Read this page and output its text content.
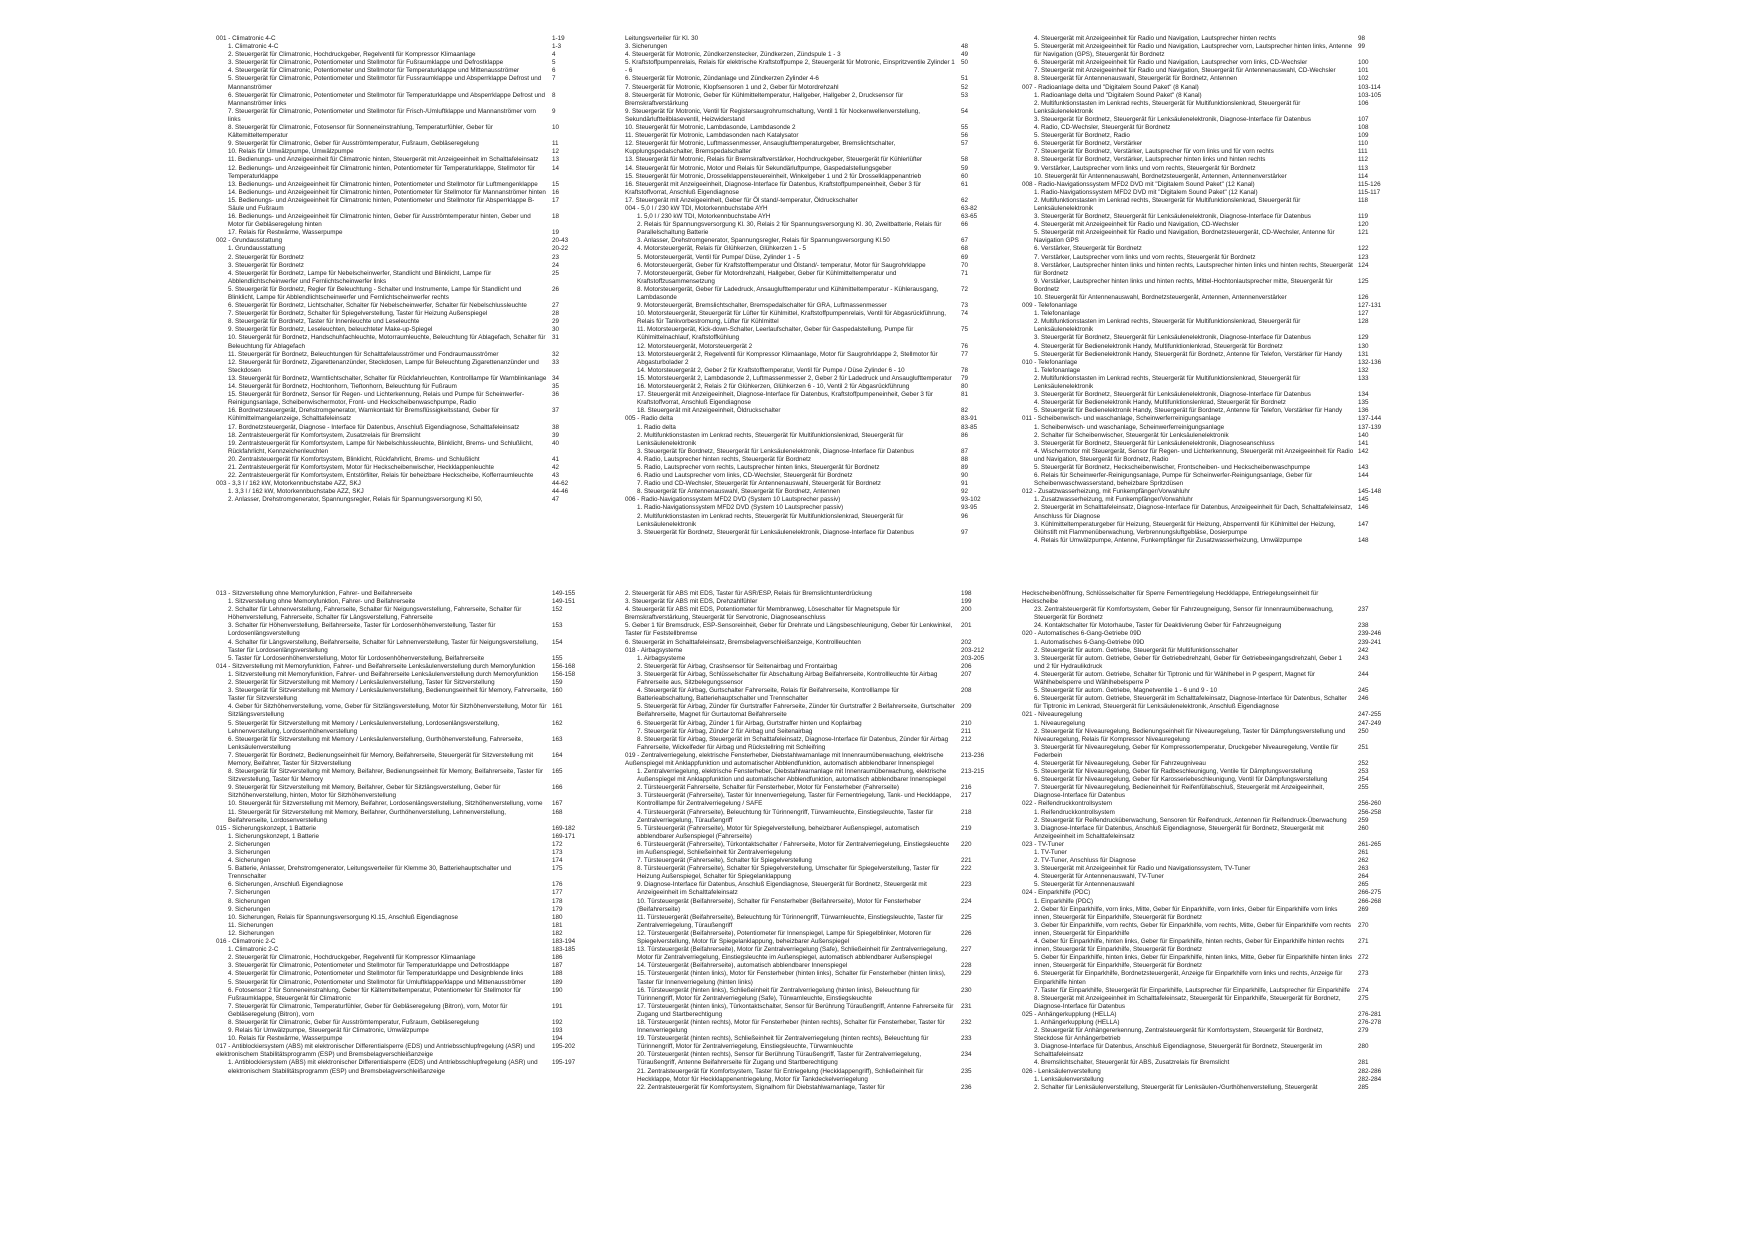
001 - Climatronic 4-C	1-19
1. Climatronic 4-C	1-3
2. Steuergerät für Climatronic, Hochdruckgeber, Regelventil für Kompressor Klimaanlage	4
3. Steuergerät für Climatronic, Potentiometer und Stellmotor für Fußraumklappe und Defrostklappe	5
4. Steuergerät für Climatronic, Potentiometer und Stellmotor für Temperaturklappe und Mittenausströmer	6
5. Steuergerät für Climatronic, Potentiometer und Stellmotor für Fussraumklappe und Absperrklappe Defrost und Mannanströmer
7
6. Steuergerät für Climatronic, Potentiometer und Stellmotor für Temperaturklappe und Absperrklappe Defrost und Mannanströmer links
8
7. Steuergerät für Climatronic, Potentiometer und Stellmotor für Frisch-/Umluftklappe und Mannanströmer vorn links
9
8. Steuergerät für Climatronic, Fotosensor für Sonneneinstrahlung, Temperaturfühler, Geber für Kältemitteltemperatur
10
9. Steuergerät für Climatronic, Geber für Ausströmtemperatur, Fußraum, Gebläseregelung	11
10. Relais für Umwälzpumpe, Umwälzpumpe	12
11. Bedienungs- und Anzeigeeinheit für Climatronic hinten, Steuergerät mit Anzeigeeinheit im Schalttafeleinsatz	13
12. Bedienungs- und Anzeigeeinheit für Climatronic hinten, Potentiometer für Temperaturklappe, Stellmotor für Temperaturklappe
14
13. Bedienungs- und Anzeigeeinheit für Climatronic hinten, Potentiometer und Stellmotor für Luftmengenklappe	15
14. Bedienungs- und Anzeigeeinheit für Climatronic hinten, Potentiometer für Stellmotor für Mannanströmer hinten 16
15. Bedienungs- und Anzeigeeinheit für Climatronic hinten, Potentiometer und Stellmotor für Absperrklappe B-Säule und Fußraum
17
16. Bedienungs- und Anzeigeeinheit für Climatronic hinten, Geber für Ausströmtemperatur hinten, Geber und Motor für Gebläseregelung hinten
18
17. Relais für Restwärme, Wasserpumpe	19
002 - Grundausstattung	20-43
1. Grundausstattung	20-22
2. Steuergerät für Bordnetz	23
3. Steuergerät für Bordnetz	24
4. Steuergerät für Bordnetz, Lampe für Nebelscheinwerfer, Standlicht und Blinklicht, Lampe für Abblendlichtscheinwerfer und Fernlichtscheinwerfer links
25
5. Steuergerät für Bordnetz, Regler für Beleuchtung - Schalter und Instrumente, Lampe für Standlicht und Blinklicht, Lampe für Abblendlichtscheinwerfer und Fernlichtscheinwerfer rechts
26
6. Steuergerät für Bordnetz, Lichtschalter, Schalter für Nebelscheinwerfer, Schalter für Nebelschlussleuchte	27
7. Steuergerät für Bordnetz, Schalter für Spiegelverstellung, Taster für Heizung Außenspiegel	28
8. Steuergerät für Bordnetz, Taster für Innenleuchte und Leseleuchte	29
9. Steuergerät für Bordnetz, Leseleuchten, beleuchteter Make-up-Spiegel	30
10. Steuergerät für Bordnetz, Handschuhfachleuchte, Motorraumleuchte, Beleuchtung für Ablagefach, Schalter für Beleuchtung für Ablagefach
31
11. Steuergerät für Bordnetz, Beleuchtungen für Schalttafelausströmer und Fondraumausströmer	32
12. Steuergerät für Bordnetz, Zigarettenanzünder, Steckdosen, Lampe für Beleuchtung Zigarettenanzünder und Steckdosen
33
13. Steuergerät für Bordnetz, Warntlichtschalter, Schalter für Rückfahrleuchten, Kontrolllampe für Warnblinkanlage 34
14. Steuergerät für Bordnetz, Hochtonhorn, Tieftonhorn, Beleuchtung für Fußraum	35
15. Steuergerät für Bordnetz, Sensor für Regen- und Lichterkennung, Relais und Pumpe für Scheinwerfer-Reinigungsanlage, Scheibenwischermotor, Front- und Heckscheibenwaschpumpe, Radio
36
16. Bordnetzsteuergerät, Drehstromgenerator, Warnkontakt für Bremsflüssigkeitsstand, Geber für Kühlmittelmangelanzeige, Schalttafeleinsatz
37
17. Bordnetzsteuergerät, Diagnose - Interface für Datenbus, Anschluß Eigendiagnose, Schalttafeleinsatz	38
18. Zentralsteuergerät für Komfortsystem, Zusatzrelais für Bremslicht	39
19. Zentralsteuergerät für Komfortsystem, Lampe für Nebelschlussleuchte, Blinklicht, Brems- und Schlußlicht, Rückfahrlicht, Kennzeichenleuchten
40
20. Zentralsteuergerät für Komfortsystem, Blinklicht, Rückfahrlicht, Brems- und Schlußlicht	41
21. Zentralsteuergerät für Komfortsystem, Motor für Heckscheibenwischer, Heckklappenleuchte	42
22. Zentralsteuergerät für Komfortsystem, Entstörfilter, Relais für beheizbare Heckscheibe, Kofferraumleuchte	43
003 - 3,3 l / 162 kW, Motorkennbuchstabe AZZ, SKJ	44-62
1. 3,3 l / 162 kW, Motorkennbuchstabe AZZ, SKJ	44-46
2. Anlasser, Drehstromgenerator, Spannungsregler, Relais für Spannungsversorgung Kl 50,	47
Leitungsverteiler für Kl. 30
3. Sicherungen	48
4. Steuergerät für Motronic, Zündkerzenstecker, Zündkerzen, Zündspule 1 - 3	49
5. Kraftstoffpumpenrelais, Relais für elektrische Kraftstoffpumpe 2, Steuergerät für Motronic, Einspritzventile Zylinder 1 - 6
50
6. Steuergerät für Motronic, Zündanlage und Zündkerzen Zylinder 4-6	51
7. Steuergerät für Motronic, Klopfsensoren 1 und 2, Geber für Motordrehzahl	52
8. Steuergerät für Motronic, Geber für Kühlmitteltemperatur, Hallgeber, Hallgeber 2, Drucksensor für Bremskraftverstärkung
53
9. Steuergerät für Motronic, Ventil für Registersaugrohrumschaltung, Ventil 1 für Nockenwellenverstellung, Sekundärluftteilblaseventil, Heizwiderstand
54
10. Steuergerät für Motronic, Lambdasonde, Lambdasonde 2	55
11. Steuergerät für Motronic, Lambdasonden nach Katalysator	56
12. Steuergerät für Motronic, Luftmassenmesser, Ansauglufttemperaturgeber, Bremslichtschalter, Kupplungspedalschalter, Bremspedalschalter
57
13. Steuergerät für Motronic, Relais für Bremskraftverstärker, Hochdruckgeber, Steuergerät für Kühlerlüfter	58
14. Steuergerät für Motronic, Motor und Relais für Sekundärluftpumpe, Gaspedalstellungsgeber	59
15. Steuergerät für Motronic, Drosselklappensteuereinheit, Winkelgeber 1 und 2 für Drosselklappenantrieb	60
16. Steuergerät mit Anzeigeeinheit, Diagnose-Interface für Datenbus, Kraftstoffpumpeneinheit, Geber 3 für Kraftstoffvorrat, Anschluß Eigendiagnose
61
17. Steuergerät mit Anzeigeeinheit, Geber für Öl stand/-temperatur, Öldruckschalter	62
004 - 5,0 l / 230 kW TDI, Motorkennbuchstabe AYH	63-82
1. 5,0 l / 230 kW TDI, Motorkennbuchstabe AYH	63-65
2. Relais für Spannungsversorgung Kl. 30, Relais 2 für Spannungsversorgung Kl. 30, Zweitbatterie, Relais für Parallelschaltung Batterie
66
3. Anlasser, Drehstromgenerator, Spannungsregler, Relais für Spannungsversorgung Kl.50	67
4. Motorsteuergerät, Relais für Glühkerzen, Glühkerzen 1 - 5	68
5. Motorsteuergerät, Ventil für Pumpe/ Düse, Zylinder 1 - 5	69
6. Motorsteuergerät, Geber für Kraftstofftemperatur und Ölstand/- temperatur, Motor für Saugrohrklappe	70
7. Motorsteuergerät, Geber für Motordrehzahl, Hallgeber, Geber für Kühlmitteltemperatur und Kraftstoffzusammensetzung
71
8. Motorsteuergerät, Geber für Ladedruck, Ansauglufttemperatur und Kühlmitteltemperatur - Kühlerausgang, Lambdasonde
72
9. Motorsteuergerät, Bremslichtschalter, Bremspedalschalter für GRA, Luftmassenmesser	73
10. Motorsteuergerät, Steuergerät für Lüfter für Kühlmittel, Kraftstoffpumpenrelais, Ventil für Abgasrückführung, Relais für Tankvorbestromung, Lüfter für Kühlmittel
74
11. Motorsteuergerät, Kick-down-Schalter, Leerlaufschalter, Geber für Gaspedalstellung, Pumpe für Kühlmittelnachlauf, Kraftstoffkühlung
75
12. Motorsteuergerät, Motorsteuergerät 2	76
13. Motorsteuergerät 2, Regelventil für Kompressor Klimaanlage, Motor für Saugrohrklappe 2, Stellmotor für Abgasturbolader 2
77
14. Motorsteuergerät 2, Geber 2 für Kraftstofftemperatur, Ventil für Pumpe / Düse Zylinder 6 - 10	78
15. Motorsteuergerät 2, Lambdasonde 2, Luftmassenmesser 2, Geber 2 für Ladedruck und Ansauglufttemperatur	79
16. Motorsteuergerät 2, Relais 2 für Glühkerzen, Glühkerzen 6 - 10, Ventil 2 für Abgasrückführung	80
17. Steuergerät mit Anzeigeeinheit, Diagnose-Interface für Datenbus, Kraftstoffpumpeneinheit, Geber 3 für Kraftstoffvorrat, Anschluß Eigendiagnose
81
18. Steuergerät mit Anzeigeeinheit, Öldruckschalter	82
005 - Radio delta	83-91
1. Radio delta	83-85
2. Multifunktionstasten im Lenkrad rechts, Steuergerät für Multifunktionslenkrad, Steuergerät für Lenksäulenelektronik
86
3. Steuergerät für Bordnetz, Steuergerät für Lenksäulenelektronik, Diagnose-Interface für Datenbus	87
4. Radio, Lautsprecher hinten rechts, Steuergerät für Bordnetz	88
5. Radio, Lautsprecher vorn rechts, Lautsprecher hinten links, Steuergerät für Bordnetz	89
6. Radio und Lautsprecher vorn links, CD-Wechsler, Steuergerät für Bordnetz	90
7. Radio und CD-Wechsler, Steuergerät für Antennenauswahl, Steuergerät für Bordnetz	91
8. Steuergerät für Antennenauswahl, Steuergerät für Bordnetz, Antennen	92
006 - Radio-Navigationssystem MFD2 DVD (System 10 Lautsprecher passiv)	93-102
1. Radio-Navigationssystem MFD2 DVD (System 10 Lautsprecher passiv)	93-95
2. Multifunktionstasten im Lenkrad rechts, Steuergerät für Multifunktionslenkrad, Steuergerät für Lenksäulenelektronik
96
3. Steuergerät für Bordnetz, Steuergerät für Lenksäulenelektronik, Diagnose-Interface für Datenbus	97
4. Steuergerät mit Anzeigeeinheit für Radio und Navigation, Lautsprecher hinten rechts	98
5. Steuergerät mit Anzeigeeinheit für Radio und Navigation, Lautsprecher vorn, Lautsprecher hinten links, Antenne für Navigation (GPS), Steuergerät für Bordnetz
99
6. Steuergerät mit Anzeigeeinheit für Radio und Navigation, Lautsprecher vorn links, CD-Wechsler	100
7. Steuergerät mit Anzeigeeinheit für Radio und Navigation, Steuergerät für Antennenauswahl, CD-Wechsler	101
8. Steuergerät für Antennenauswahl, Steuergerät für Bordnetz, Antennen	102
007 - Radioanlage delta und "Digitalem Sound Paket" (8 Kanal)	103-114
1. Radioanlage delta und "Digitalem Sound Paket" (8 Kanal)	103-105
2. Multifunktionstasten im Lenkrad rechts, Steuergerät für Multifunktionslenkrad, Steuergerät für Lenksäulenelektronik
106
3. Steuergerät für Bordnetz, Steuergerät für Lenksäulenelektronik, Diagnose-Interface für Datenbus	107
4. Radio, CD-Wechsler, Steuergerät für Bordnetz	108
5. Steuergerät für Bordnetz, Radio	109
6. Steuergerät für Bordnetz, Verstärker	110
7. Steuergerät für Bordnetz, Verstärker, Lautsprecher für vorn links und für vorn rechts	111
8. Steuergerät für Bordnetz, Verstärker, Lautsprecher hinten links und hinten rechts	112
9. Verstärker, Lautsprecher vorn links und vorn rechts, Steuergerät für Bordnetz	113
10. Steuergerät für Antennenauswahl, Bordnetzsteuergerät, Antennen, Antennenverstärker	114
008 - Radio-Navigationssystem MFD2 DVD mit "Digitalem Sound Paket" (12 Kanal)	115-126
1. Radio-Navigationssystem MFD2 DVD mit "Digitalem Sound Paket" (12 Kanal)	115-117
2. Multifunktionstasten im Lenkrad rechts, Steuergerät für Multifunktionslenkrad, Steuergerät für Lenksäulenelektronik
118
3. Steuergerät für Bordnetz, Steuergerät für Lenksäulenelektronik, Diagnose-Interface für Datenbus	119
4. Steuergerät mit Anzeigeeinheit für Radio und Navigation, CD-Wechsler	120
5. Steuergerät mit Anzeigeeinheit für Radio und Navigation, Bordnetzsteuergerät, CD-Wechsler, Antenne für Navigation GPS
121
6. Verstärker, Steuergerät für Bordnetz	122
7. Verstärker, Lautsprecher vorn links und vorn rechts, Steuergerät für Bordnetz	123
8. Verstärker, Lautsprecher hinten links und hinten rechts, Lautsprecher hinten links und hinten rechts, Steuergerät für Bordnetz
124
9. Verstärker, Lautsprecher hinten links und hinten rechts, Mittel-Hochtonlautsprecher mitte, Steuergerät für Bordnetz
125
10. Steuergerät für Antennenauswahl, Bordnetzsteuergerät, Antennen, Antennenverstärker	126
009 - Telefonanlage	127-131
1. Telefonanlage	127
2. Multifunktionstasten im Lenkrad rechts, Steuergerät für Multifunktionslenkrad, Steuergerät für Lenksäulenelektronik
128
3. Steuergerät für Bordnetz, Steuergerät für Lenksäulenelektronik, Diagnose-Interface für Datenbus	129
4. Steuergerät für Bedienelektronik Handy, Multifunktionlenkrad, Steuergerät für Bordnetz	130
5. Steuergerät für Bedienelektronik Handy, Steuergerät für Bordnetz, Antenne für Telefon, Verstärker für Handy	131
010 - Telefonanlage	132-136
1. Telefonanlage	132
2. Multifunktionstasten im Lenkrad rechts, Steuergerät für Multifunktionslenkrad, Steuergerät für Lenksäulenelektronik
133
3. Steuergerät für Bordnetz, Steuergerät für Lenksäulenelektronik, Diagnose-Interface für Datenbus	134
4. Steuergerät für Bedienelektronik Handy, Multifunktionslenkrad, Steuergerät für Bordnetz	135
5. Steuergerät für Bedienelektronik Handy, Steuergerät für Bordnetz, Antenne für Telefon, Verstärker für Handy	136
011 - Scheibenwisch- und waschanlage, Scheinwerferreinigungsanlage	137-144
1. Scheibenwisch- und waschanlage, Scheinwerferreinigungsanlage	137-139
2. Schalter für Scheibenwischer, Steuergerät für Lenksäulenelektronik	140
3. Steuergerät für Bordnetz, Steuergerät für Lenksäulenelektronik, Diagnoseanschluss	141
4. Wischermotor mit Steuergerät, Sensor für Regen- und Lichterkennung, Steuergerät mit Anzeigeeinheit für Radio und Navigation, Steuergerät für Bordnetz, Radio
142
5. Steuergerät für Bordnetz, Heckscheibenwischer, Frontscheiben- und Heckscheibenwaschpumpe	143
6. Relais für Scheinwerfer-Reinigungsanlage, Pumpe für Scheinwerfer-Reinigungsanlage, Geber für Scheibenwaschwasserstand, beheizbare Spritzdüsen
144
012 - Zusatzwasserheizung, mit Funkempfänger/Vorwahluhr	145-148
1. Zusatzwasserheizung, mit Funkempfänger/Vorwahluhr	145
2. Steuergerät im Schalttafeleinsatz, Diagnose-Interface für Datenbus, Anzeigeeinheit für Dach, Schalttafeleinsatz, Anschluss für Diagnose
146
3. Kühlmitteltemperaturgeber für Heizung, Steuergerät für Heizung, Absperrventil für Kühlmittel der Heizung, Glühstift mit Flammenüberwachung, Verbrennungsluftgebläse, Dosierpumpe
147
4. Relais für Umwälzpumpe, Antenne, Funkempfänger für Zusatzwasserheizung, Umwälzpumpe	148
013 - Sitzverstellung ohne Memoryfunktion, Fahrer- und Beifahrerseite	149-155
1. Sitzverstellung ohne Memoryfunktion, Fahrer- und Beifahrerseite	149-151
2. Schalter für Lehnenverstellung, Fahrerseite, Schalter für Neigungsverstellung, Fahrerseite, Schalter für Höhenverstellung, Fahrerseite, Schalter für Längsverstellung, Fahrerseite
152
3. Schalter für Höhenverstellung, Beifahrerseite, Taster für Lordosenhöhenverstellung, Taster für Lordosenlängsverstellung
153
4. Schalter für Längsverstellung, Beifahrerseite, Schalter für Lehnenverstellung, Taster für Neigungsverstellung, Taster für Lordosenlängsverstellung
154
5. Taster für Lordosenhöhenverstellung, Motor für Lordosenhöhenverstellung, Beifahrerseite	155
014 - Sitzverstellung mit Memoryfunktion, Fahrer- und Beifahrerseite Lenksäulenverstellung durch Memoryfunktion	156-168
1. Sitzverstellung mit Memoryfunktion, Fahrer- und Beifahrerseite Lenksäulenverstellung durch Memoryfunktion	156-158
2. Steuergerät für Sitzverstellung mit Memory / Lenksäulenverstellung, Taster für Sitzverstellung	159
3. Steuergerät für Sitzverstellung mit Memory / Lenksäulenverstellung, Bedienungseinheit für Memory, Fahrerseite, Taster für Sitzverstellung
160
4. Geber für Sitzhöhenverstellung, vorne, Geber für Sitzlängsverstellung, Motor für Sitzhöhenverstellung, Motor für Sitzlängsverstellung
161
5. Steuergerät für Sitzverstellung mit Memory / Lenksäulenverstellung, Lordosenlängsverstellung, Lehnenverstellung, Lordosenhöhenverstellung
162
6. Steuergerät für Sitzverstellung mit Memory / Lenksäulenverstellung, Gurthöhenverstellung, Fahrerseite, Lenksäulenverstellung
163
7. Steuergerät für Bordnetz, Bedienungseinheit für Memory, Beifahrerseite, Steuergerät für Sitzverstellung mit Memory, Beifahrer, Taster für Sitzverstellung
164
8. Steuergerät für Sitzverstellung mit Memory, Beifahrer, Bedienungseinheit für Memory, Beifahrerseite, Taster für Sitzverstellung, Taster für Memory
165
9. Steuergerät für Sitzverstellung mit Memory, Beifahrer, Geber für Sitzlängsverstellung, Geber für Sitzhöhenverstellung, hinten, Motor für Sitzhöhenverstellung
166
10. Steuergerät für Sitzverstellung mit Memory, Beifahrer, Lordosenlängsverstellung, Sitzhöhenverstellung, vorne	167
11. Steuergerät für Sitzverstellung mit Memory, Beifahrer, Gurthöhenverstellung, Lehnenverstellung, Beifahrerseite, Lordosenverstellung
168
015 - Sicherungskonzept, 1 Batterie	169-182
1. Sicherungskonzept, 1 Batterie	169-171
2. Sicherungen	172
3. Sicherungen	173
4. Sicherungen	174
5. Batterie, Anlasser, Drehstromgenerator, Leitungsverteiler für Klemme 30, Batteriehauptschalter und Trennschalter
175
6. Sicherungen, Anschluß Eigendiagnose	176
7. Sicherungen	177
8. Sicherungen	178
9. Sicherungen	179
10. Sicherungen, Relais für Spannungsversorgung Kl.15, Anschluß Eigendiagnose	180
11. Sicherungen	181
12. Sicherungen	182
016 - Climatronic 2-C	183-194
1. Climatronic 2-C	183-185
2. Steuergerät für Climatronic, Hochdruckgeber, Regelventil für Kompressor Klimaanlage	186
3. Steuergerät für Climatronic, Potentiometer und Stellmotor für Temperaturklappe und Defrostklappe	187
4. Steuergerät für Climatronic, Potentiometer und Stellmotor für Temperaturklappe und Designblende links	188
5. Steuergerät für Climatronic, Potentiometer und Stellmotor für Umluftklappe/klappe und Mittenausströmer	189
6. Fotosensor 2 für Sonneneinstrahlung, Geber für Kältemitteltemperatur, Potentiometer für Stellmotor für Fußraumklappe, Steuergerät für Climatronic
190
7. Steuergerät für Climatronic, Temperaturfühler, Geber für Gebläseregelung (Bitron), vorn, Motor für Gebläseregelung (Bitron), vorn
191
8. Steuergerät für Climatronic, Geber für Ausströmtemperatur, Fußraum, Gebläseregelung	192
9. Relais für Umwälzpumpe, Steuergerät für Climatronic, Umwälzpumpe	193
10. Relais für Restwärme, Wasserpumpe	194
017 - Antiblockiersystem (ABS) mit elektronischer Differentialsperre (EDS) und Antriebsschlupfregelung (ASR) und elektronischem Stabilitätsprogramm (ESP) und Bremsbelagverschleißanzeige
195-202
1. Antiblockiersystem (ABS) mit elektronischer Differentialsperre (EDS) und Antriebsschlupfregelung (ASR) und elektronischem Stabilitätsprogramm (ESP) und Bremsbelagverschleißanzeige
195-197
2. Steuergerät für ABS mit EDS, Taster für ASR/ESP, Relais für Bremslichtunterdrückung	198
3. Steuergerät für ABS mit EDS, Drehzahlfühler	199
4. Steuergerät für ABS mit EDS, Potentiometer für Membranweg, Löseschalter für Magnetspule für Bremskraftverstärkung, Steuergerät für Servotronic, Diagnoseanschluss
200
5. Geber 1 für Bremsdruck, ESP-Sensoreinheit, Geber für Drehrate und Längsbeschleunigung, Geber für Lenkwinkel, Taster für Feststellbremse
201
6. Steuergerät im Schalttafeleinsatz, Bremsbelagverschleißanzeige, Kontrollleuchten	202
018 - Airbagsysteme	203-212
1. Airbagsysteme	203-205
2. Steuergerät für Airbag, Crashsensor für Seitenairbag und Frontairbag	206
3. Steuergerät für Airbag, Schlüsselschalter für Abschaltung Airbag Beifahrerseite, Kontrollleuchte für Airbag Fahrerseite aus, Sitzbelegungssensor
207
4. Steuergerät für Airbag, Gurtschalter Fahrerseite, Relais für Beifahrerseite, Kontrolllampe für Batterieabschaltung, Batteriehauptschalter und Trennschalter
208
5. Steuergerät für Airbag, Zünder für Gurtstraffer Fahrerseite, Zünder für Gurtstraffer 2 Beifahrerseite, Gurtschalter Beifahrerseite, Magnet für Gurtautomat Beifahrerseite
209
6. Steuergerät für Airbag, Zünder 1 für Airbag, Gurtstraffer hinten und Kopfairbag	210
7. Steuergerät für Airbag, Zünder 2 für Airbag und Seitenairbag	211
8. Steuergerät für Airbag, Steuergerät im Schalttafeleinsatz, Diagnose-Interface für Datenbus, Zünder für Airbag Fahrerseite, Wickelfeder für Airbag und Rückstellring mit Schleifring
212
019 - Zentralverriegelung, elektrische Fensterheber, Diebstahlwarnanlage mit Innenraumüberwachung, elektrische Außenspiegel mit Anklappfunktion und automatischer Abblendfunktion, automatisch abblendbarer Innenspiegel
213-236
1. Zentralverriegelung, elektrische Fensterheber, Diebstahlwarnanlage mit Innenraumüberwachung, elektrische Außenspiegel mit Anklappfunktion und automatischer Abblendfunktion, automatisch abblendbarer Innenspiegel
213-215
2. Türsteuergerät Fahrerseite, Schalter für Fensterheber, Motor für Fensterheber (Fahrerseite)	216
3. Türsteuergerät (Fahrerseite), Taster für Innenverriegelung, Taster für Fernentriegelung, Tank- und Heckklappe, Kontrolllampe für Zentralverriegelung / SAFE
217
4. Türsteuergerät (Fahrerseite), Beleuchtung für Türinnengriff, Türwarnleuchte, Einstiegsleuchte, Taster für Zentralverriegelung, Türaußengriff
218
5. Türsteuergerät (Fahrerseite), Motor für Spiegelverstellung, beheizbarer Außenspiegel, automatisch abblendbarer Außenspiegel (Fahrerseite)
219
6. Türsteuergerät (Fahrerseite), Türkontaktschalter / Fahrerseite, Motor für Zentralverriegelung, Einstiegsleuchte im Außenspiegel, Schließeinheit für Zentralverriegelung
220
7. Türsteuergerät (Fahrerseite), Schalter für Spiegelverstellung	221
8. Türsteuergerät (Fahrerseite), Schalter für Spiegelverstellung, Umschalter für Spiegelverstellung, Taster für Heizung Außenspiegel, Schalter für Spiegelanklappung
222
9. Diagnose-Interface für Datenbus, Anschluß Eigendiagnose, Steuergerät für Bordnetz, Steuergerät mit Anzeigeeinheit im Schalttafeleinsatz
223
10. Türsteuergerät (Beifahrerseite), Schalter für Fensterheber (Beifahrerseite), Motor für Fensterheber (Beifahrerseite)
224
11. Türsteuergerät (Beifahrerseite), Beleuchtung für Türinnengriff, Türwarnleuchte, Einstiegsleuchte, Taster für Zentralverriegelung, Türaußengriff
225
12. Türsteuergerät (Beifahrerseite), Potentiometer für Innenspiegel, Lampe für Spiegelblinker, Motoren für Spiegelverstellung, Motor für Spiegelanklappung, beheizbarer Außenspiegel
226
13. Türsteuergerät (Beifahrerseite), Motor für Zentralverriegelung (Safe), Schließeinheit für Zentralverriegelung, Motor für Zentralverriegelung, Einstiegsleuchte im Außenspiegel, automatisch abblendbarer Außenspiegel
227
14. Türsteuergerät (Beifahrerseite), automatisch abblendbarer Innenspiegel	228
15. Türsteuergerät (hinten links), Motor für Fensterheber (hinten links), Schalter für Fensterheber (hinten links), Taster für Innenverriegelung (hinten links)
229
16. Türsteuergerät (hinten links), Schließeinheit für Zentralverriegelung (hinten links), Beleuchtung für Türinnengriff, Motor für Zentralverriegelung (Safe), Türwarnleuchte, Einstiegsleuchte
230
17. Türsteuergerät (hinten links), Türkontaktschalter, Sensor für Berührung Türaußengriff, Antenne Fahrerseite für Zugang und Startberechtigung
231
18. Türsteuergerät (hinten rechts), Motor für Fensterheber (hinten rechts), Schalter für Fensterheber, Taster für Innenverriegelung
232
19. Türsteuergerät (hinten rechts), Schließeinheit für Zentralverriegelung (hinten rechts), Beleuchtung für Türinnengriff, Motor für Zentralverriegelung, Einstiegsleuchte, Türwarnleuchte
233
20. Türsteuergerät (hinten rechts), Sensor für Berührung Türaußengriff, Taster für Zentralverriegelung, Türaußengriff, Antenne Beifahrerseite für Zugang und Startberechtigung
234
21. Zentralsteuergerät für Komfortsystem, Taster für Entriegelung (Heckklappengriff), Schließeinheit für Heckklappe, Motor für Heckklappenentriegelung, Motor für Tankdeckelverriegelung
235
22. Zentralsteuergerät für Komfortsystem, Signalhorn für Diebstahlwarnanlage, Taster für	236
Heckscheibenöffnung, Schlüsselschalter für Sperre Fernentriegelung Heckklappe, Entriegelungseinheit für Heckscheibe
23. Zentralsteuergerät für Komfortsystem, Geber für Fahrzeugneigung, Sensor für Innenraumüberwachung, Steuergerät für Bordnetz
237
24. Kontaktschalter für Motorhaube, Taster für Deaktivierung Geber für Fahrzeugneigung	238
020 - Automatisches 6-Gang-Getriebe 09D	239-246
1. Automatisches 6-Gang-Getriebe 09D	239-241
2. Steuergerät für autom. Getriebe, Steuergerät für Multifunktionsschalter	242
3. Steuergerät für autom. Getriebe, Geber für Getriebedrehzahl, Geber für Getriebeeingangsdrehzahl, Geber 1 und 2 für Hydraulikdruck
243
4. Steuergerät für autom. Getriebe, Schalter für Tiptronic und für Wählhebel in P gesperrt, Magnet für Wählhebelsperre und Wählhebelsperre P
244
5. Steuergerät für autom. Getriebe, Magnetventile 1 - 6 und 9 - 10	245
6. Steuergerät für autom. Getriebe, Steuergerät im Schalttafeleinsatz, Diagnose-Interface für Datenbus, Schalter für Tiptronic im Lenkrad, Steuergerät für Lenksäulenelektronik, Anschluß Eigendiagnose
246
021 - Niveauregelung	247-255
1. Niveauregelung	247-249
2. Steuergerät für Niveauregelung, Bedienungseinheit für Niveauregelung, Taster für Dämpfungsverstellung und Niveauregelung, Relais für Kompressor Niveauregelung
250
3. Steuergerät für Niveauregelung, Geber für Kompressortemperatur, Druckgeber Niveauregelung, Ventile für Federbein
251
4. Steuergerät für Niveauregelung, Geber für Fahrzeugniveau	252
5. Steuergerät für Niveauregelung, Geber für Radbeschleunigung, Ventile für Dämpfungsverstellung	253
6. Steuergerät für Niveauregelung, Geber für Karosseriebeschleunigung, Ventil für Dämpfungsverstellung	254
7. Steuergerät für Niveauregelung, Bedieneinheit für Reifenfüllabschluß, Steuergerät mit Anzeigeeinheit, Diagnose-Interface für Datenbus
255
022 - Reifendruckkontrollsystem	256-260
1. Reifendruckkontrollsystem	256-258
2. Steuergerät für Reifendrucküberwachung, Sensoren für Reifendruck, Antennen für Reifendruck-Überwachung	259
3. Diagnose-Interface für Datenbus, Anschluß Eigendiagnose, Steuergerät für Bordnetz, Steuergerät mit Anzeigeeinheit im Schalttafeleinsatz
260
023 - TV-Tuner	261-265
1. TV-Tuner	261
2. TV-Tuner, Anschluss für Diagnose	262
3. Steuergerät mit Anzeigeeinheit für Radio und Navigationssystem, TV-Tuner	263
4. Steuergerät für Antennenauswahl, TV-Tuner	264
5. Steuergerät für Antennenauswahl	265
024 - Einparkhilfe (PDC)	266-275
1. Einparkhilfe (PDC)	266-268
2. Geber für Einparkhilfe, vorn links, Mitte, Geber für Einparkhilfe, vorn links, Geber für Einparkhilfe vorn links innen, Steuergerät für Einparkhilfe, Steuergerät für Bordnetz
269
3. Geber für Einparkhilfe, vorn rechts, Geber für Einparkhilfe, vorn rechts, Mitte, Geber für Einparkhilfe vorn rechts innen, Steuergerät für Einparkhilfe
270
4. Geber für Einparkhilfe, hinten links, Geber für Einparkhilfe, hinten rechts, Geber für Einparkhilfe hinten rechts innen, Steuergerät für Einparkhilfe, Steuergerät für Bordnetz
271
5. Geber für Einparkhilfe, hinten links, Geber für Einparkhilfe, hinten links, Mitte, Geber für Einparkhilfe hinten links innen, Steuergerät für Einparkhilfe, Steuergerät für Bordnetz
272
6. Steuergerät für Einparkhilfe, Bordnetzsteuergerät, Anzeige für Einparkhilfe vorn links und rechts, Anzeige für Einparkhilfe hinten
273
7. Taster für Einparkhilfe, Steuergerät für Einparkhilfe, Lautsprecher für Einparkhilfe, Lautsprecher für Einparkhilfe	274
8. Steuergerät mit Anzeigeeinheit im Schalttafeleinsatz, Steuergerät für Einparkhilfe, Steuergerät für Bordnetz, Diagnose-Interface für Datenbus
275
025 - Anhängerkupplung (HELLA)	276-281
1. Anhängerkupplung (HELLA)	276-278
2. Steuergerät für Anhängererkennung, Zentralsteuergerät für Komfortsystem, Steuergerät für Bordnetz, Steckdose für Anhängerbetrieb
279
3. Diagnose-Interface für Datenbus, Anschluß Eigendiagnose, Steuergerät für Bordnetz, Steuergerät im Schalttafeleinsatz
280
4. Bremslichtschalter, Steuergerät für ABS, Zusatzrelais für Bremslicht	281
026 - Lenksäulenverstellung	282-286
1. Lenksäulenverstellung	282-284
2. Schalter für Lenksäulenverstellung, Steuergerät für Lenksäulen-/Gurthöhenverstellung, Steuergerät	285
